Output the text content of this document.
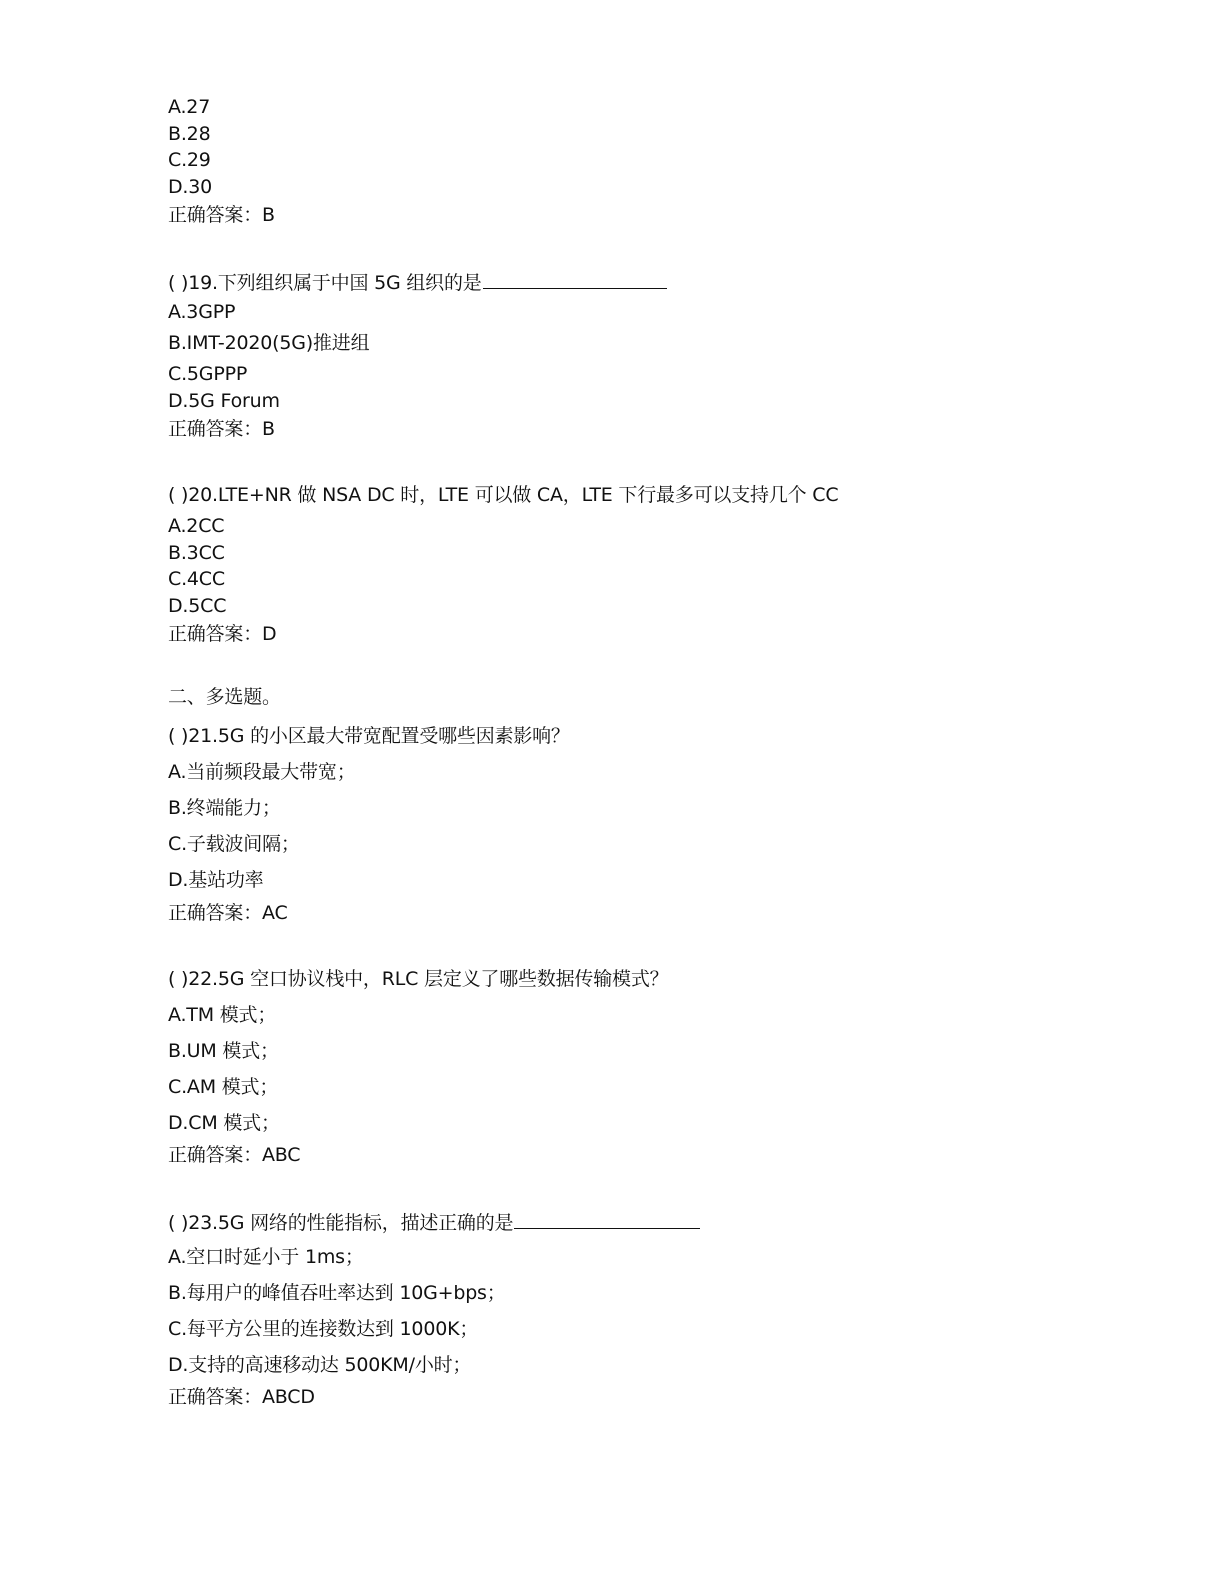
A.27
B.28
C.29
D.30
正确答案：B
( )19.下列组织属于中国 5G 组织的是
A.3GPP
B.IMT-2020(5G)推进组
C.5GPPP
D.5G Forum
正确答案：B
( )20.LTE+NR 做 NSA DC 时，LTE 可以做 CA，LTE 下行最多可以支持几个 CC
A.2CC
B.3CC
C.4CC
D.5CC
正确答案：D
二、多选题。
( )21.5G 的小区最大带宽配置受哪些因素影响？
A.当前频段最大带宽；
B.终端能力；
C.子载波间隔；
D.基站功率
正确答案：AC
( )22.5G 空口协议栈中，RLC 层定义了哪些数据传输模式？
A.TM 模式；
B.UM 模式；
C.AM 模式；
D.CM 模式；
正确答案：ABC
( )23.5G 网络的性能指标，描述正确的是
A.空口时延小于 1ms；
B.每用户的峰值吞吐率达到 10G+bps；
C.每平方公里的连接数达到 1000K；
D.支持的高速移动达 500KM/小时；
正确答案：ABCD
